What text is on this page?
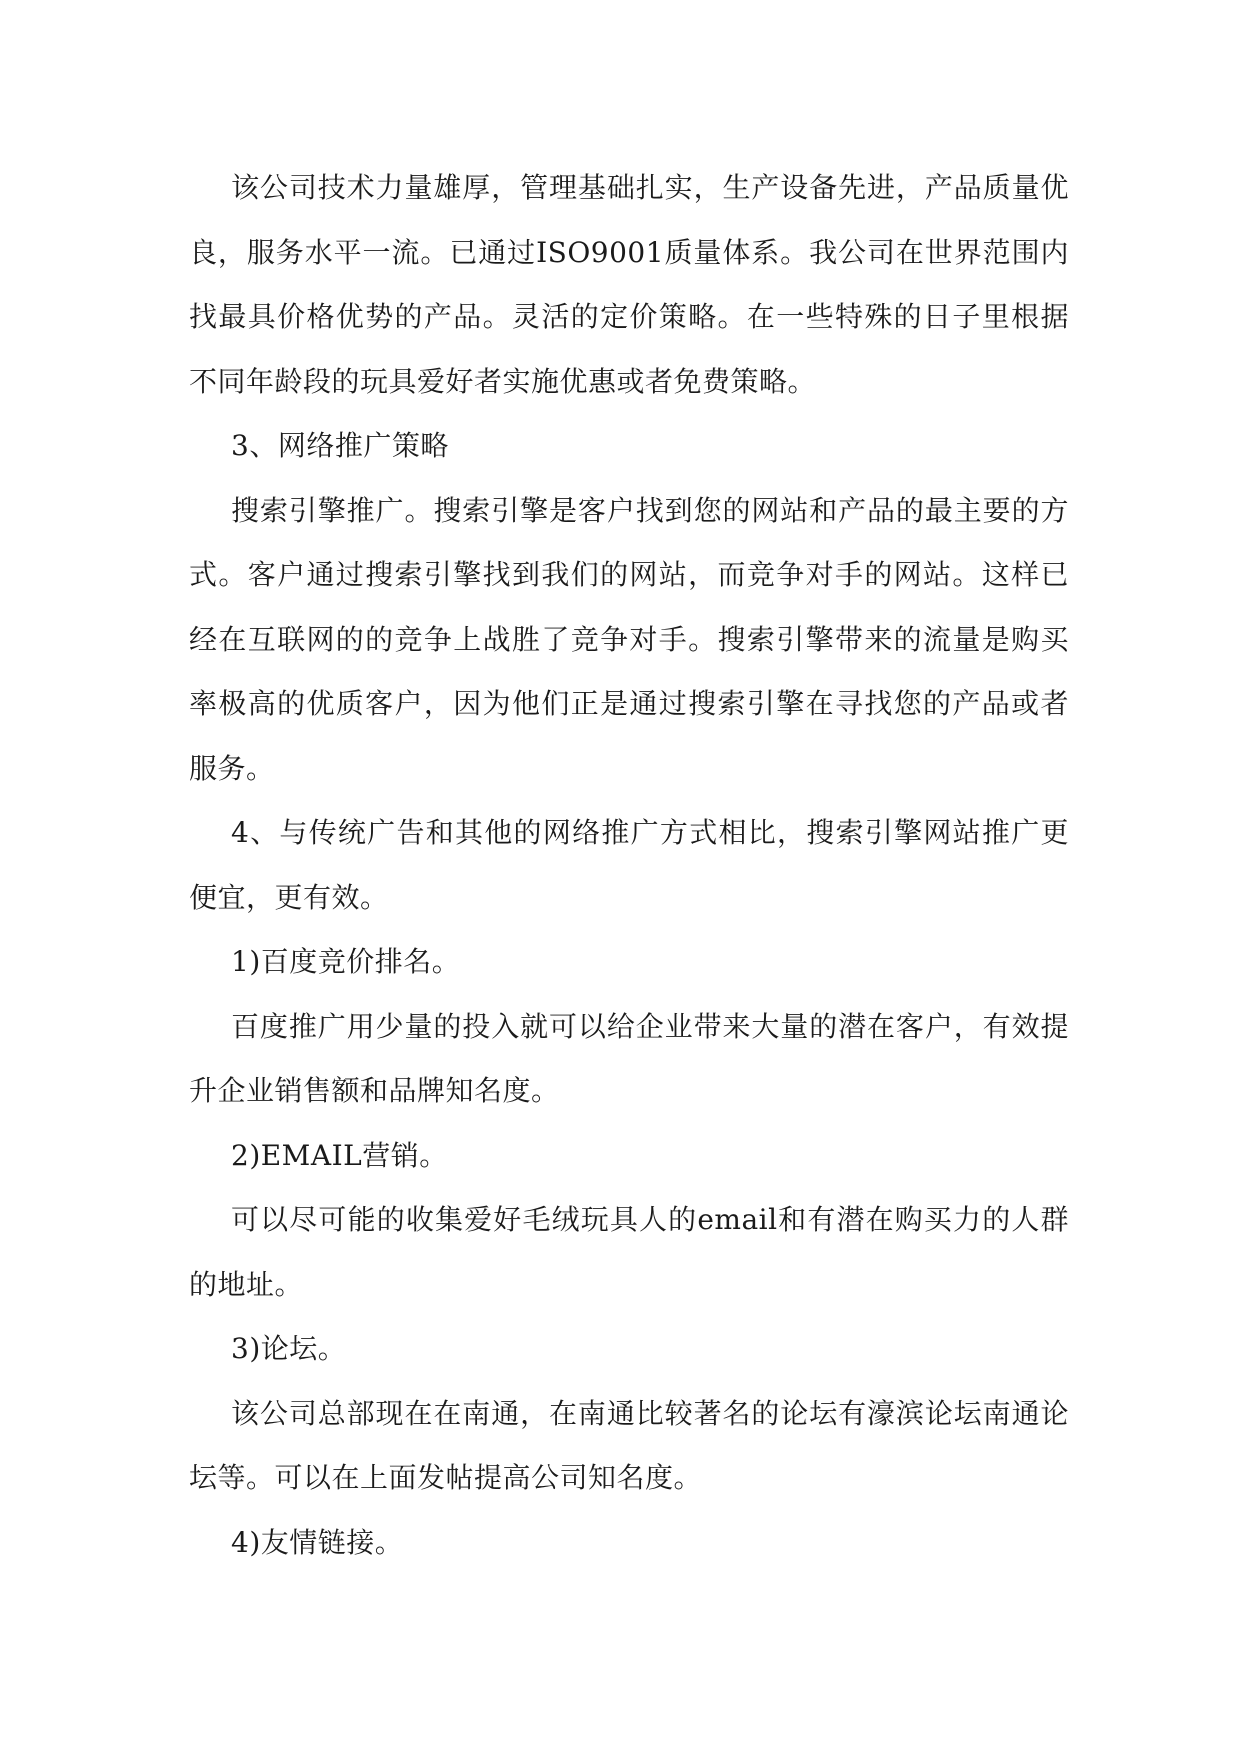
该公司技术力量雄厚，管理基础扎实，生产设备先进，产品质量优良，服务水平一流。已通过ISO9001质量体系。我公司在世界范围内找最具价格优势的产品。灵活的定价策略。在一些特殊的日子里根据不同年龄段的玩具爱好者实施优惠或者免费策略。

3、网络推广策略

搜索引擎推广。搜索引擎是客户找到您的网站和产品的最主要的方式。客户通过搜索引擎找到我们的网站，而竞争对手的网站。这样已经在互联网的的竞争上战胜了竞争对手。搜索引擎带来的流量是购买率极高的优质客户，因为他们正是通过搜索引擎在寻找您的产品或者服务。

4、与传统广告和其他的网络推广方式相比，搜索引擎网站推广更便宜，更有效。

1)百度竞价排名。

百度推广用少量的投入就可以给企业带来大量的潜在客户，有效提升企业销售额和品牌知名度。

2)EMAIL营销。

可以尽可能的收集爱好毛绒玩具人的email和有潜在购买力的人群的地址。

3)论坛。

该公司总部现在在南通，在南通比较著名的论坛有濠滨论坛南通论坛等。可以在上面发帖提高公司知名度。

4)友情链接。
